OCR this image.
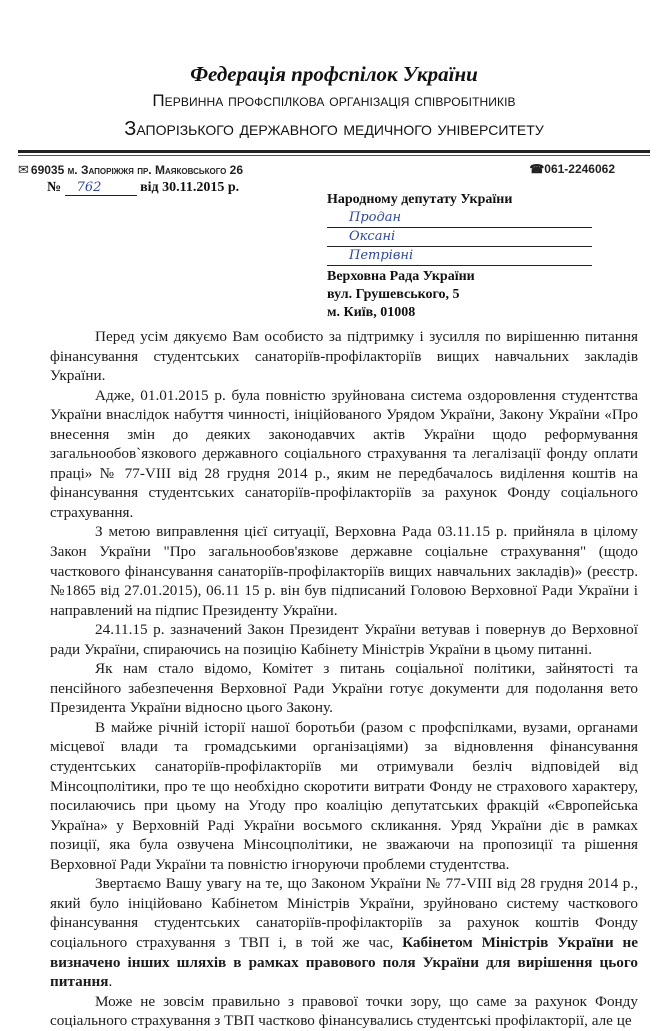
Федерація профспілок України
Первинна профспілкова організація співробітників
Запорізького державного медичного університету
✉ 69035 м. Запоріжжя пр. Маяковського 26	☎061-2246062
№ 762	від 30.11.2015 р.
Народному депутату України
Продан
Оксані
Петрівні
Верховна Рада України
вул. Грушевського, 5
м. Київ, 01008

Перед усім дякуємо Вам особисто за підтримку і зусилля по вирішенню питання фінансування студентських санаторіїв-профілакторіїв вищих навчальних закладів України.

Адже, 01.01.2015 р. була повністю зруйнована система оздоровлення студентства України внаслідок набуття чинності, ініційованого Урядом України, Закону України «Про внесення змін до деяких законодавчих актів України щодо реформування загальнообов`язкового державного соціального страхування та легалізації фонду оплати праці» № 77-VIII від 28 грудня 2014 р., яким не передбачалось виділення коштів на фінансування студентських санаторіїв-профілакторіїв за рахунок Фонду соціального страхування.

З метою виправлення цієї ситуації, Верховна Рада 03.11.15 р. прийняла в цілому Закон України "Про загальнообов'язкове державне соціальне страхування" (щодо часткового фінансування санаторіїв-профілакторіїв вищих навчальних закладів)» (реєстр. №1865 від 27.01.2015), 06.11 15 р. він був підписаний Головою Верховної Ради України і направлений на підпис Президенту України.

24.11.15 р. зазначений Закон Президент України ветував і повернув до Верховної ради України, спираючись на позицію Кабінету Міністрів України в цьому питанні.

Як нам стало відомо, Комітет з питань соціальної політики, зайнятості та пенсійного забезпечення Верховної Ради України готує документи для подолання вето Президента України відносно цього Закону.

В майже річній історії нашої боротьби (разом с профспілками, вузами, органами місцевої влади та громадськими організаціями) за відновлення фінансування студентських санаторіїв-профілакторіїв ми отримували безліч відповідей від Мінсоцполітики, про те що необхідно скоротити витрати Фонду не страхового характеру, посилаючись при цьому на Угоду про коаліцію депутатських фракцій «Європейська Україна» у Верховній Раді України восьмого скликання. Уряд України діє в рамках позиції, яка була озвучена Мінсоцполітики, не зважаючи на пропозиції та рішення Верховної Ради України та повністю ігноруючи проблеми студентства.

Звертаємо Вашу увагу на те, що Законом України № 77-VIII від 28 грудня 2014 р., який було ініційовано Кабінетом Міністрів України, зруйновано систему часткового фінансування студентських санаторіїв-профілакторіїв за рахунок коштів Фонду соціального страхування з ТВП і, в той же час, Кабінетом Міністрів України не визначено інших шляхів в рамках правового поля України для вирішення цього питання.

Може не зовсім правильно з правової точки зору, що саме за рахунок Фонду соціального страхування з ТВП частково фінансувались студентські профілакторії, але це
